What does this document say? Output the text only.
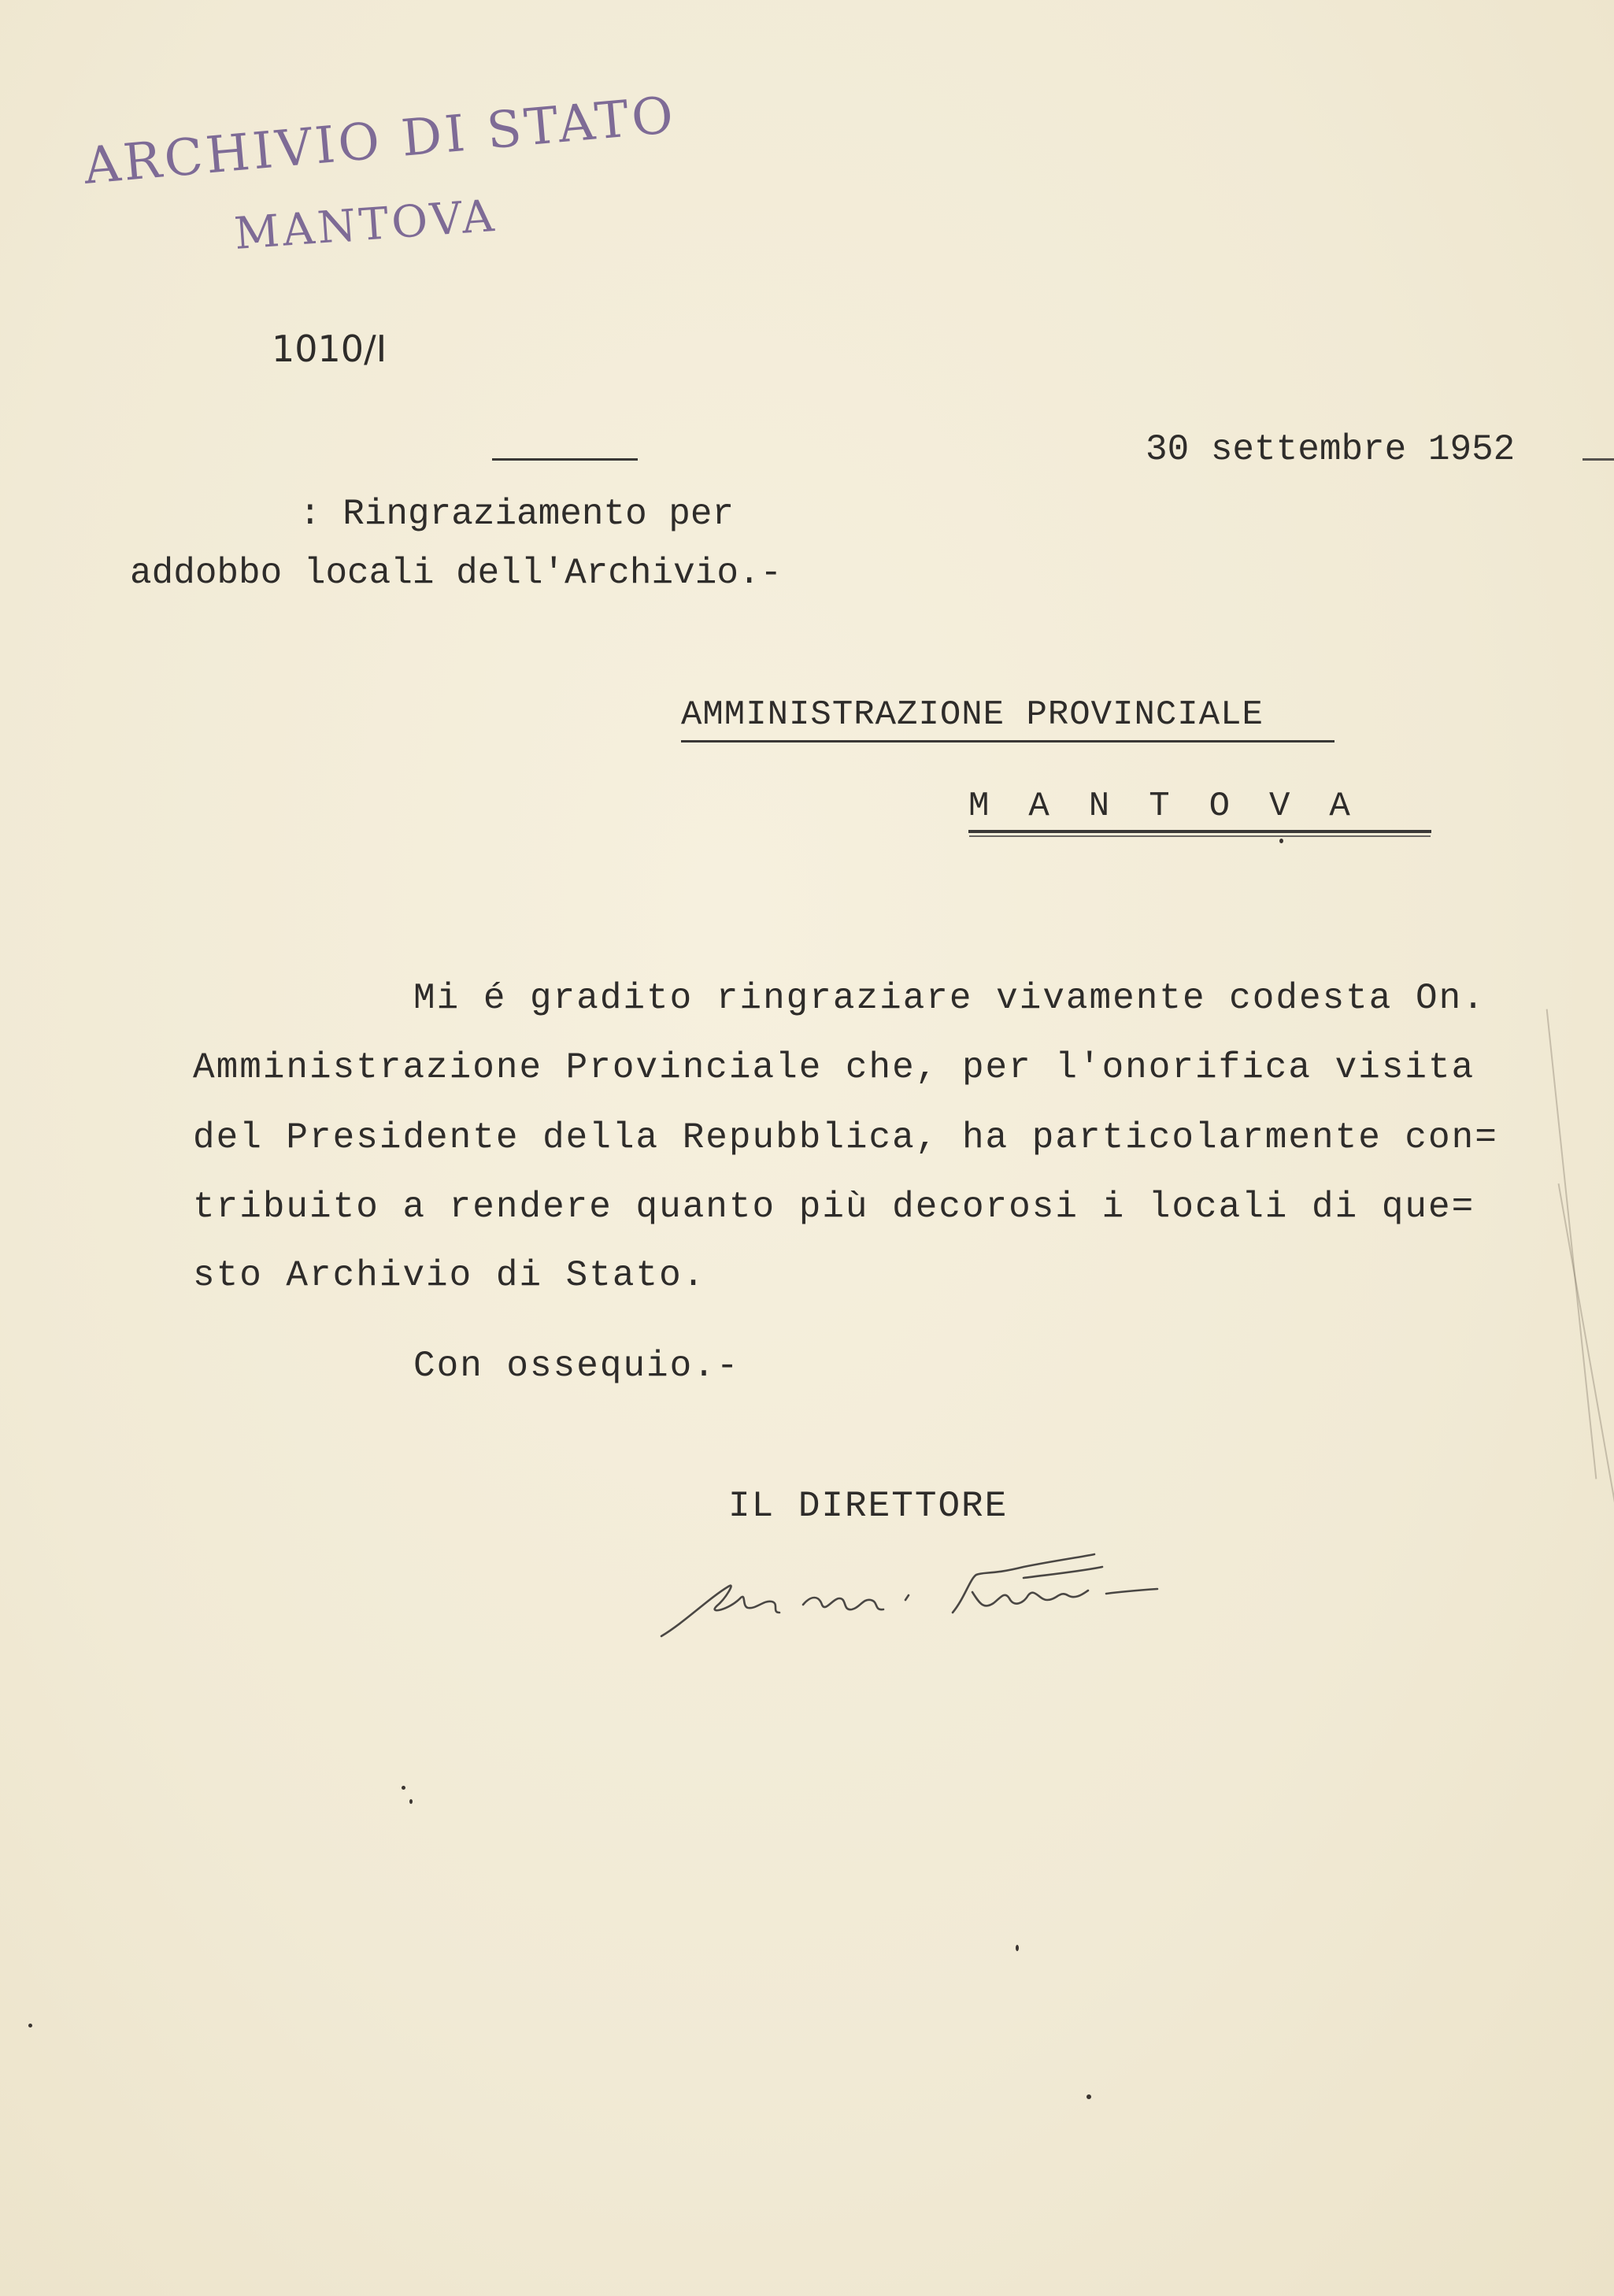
ARCHIVIO DI STATO
MANTOVA
1010/I
30 settembre 1952
: Ringraziamento per
addobbo locali dell'Archivio.-
AMMINISTRAZIONE PROVINCIALE
MANTOVA
Mi é gradito ringraziare vivamente codesta On.
Amministrazione Provinciale che, per l'onorifica visita
del Presidente della Repubblica, ha particolarmente con=
tribuito a rendere quanto più decorosi i locali di que=
sto Archivio di Stato.
Con ossequio.-
IL DIRETTORE
